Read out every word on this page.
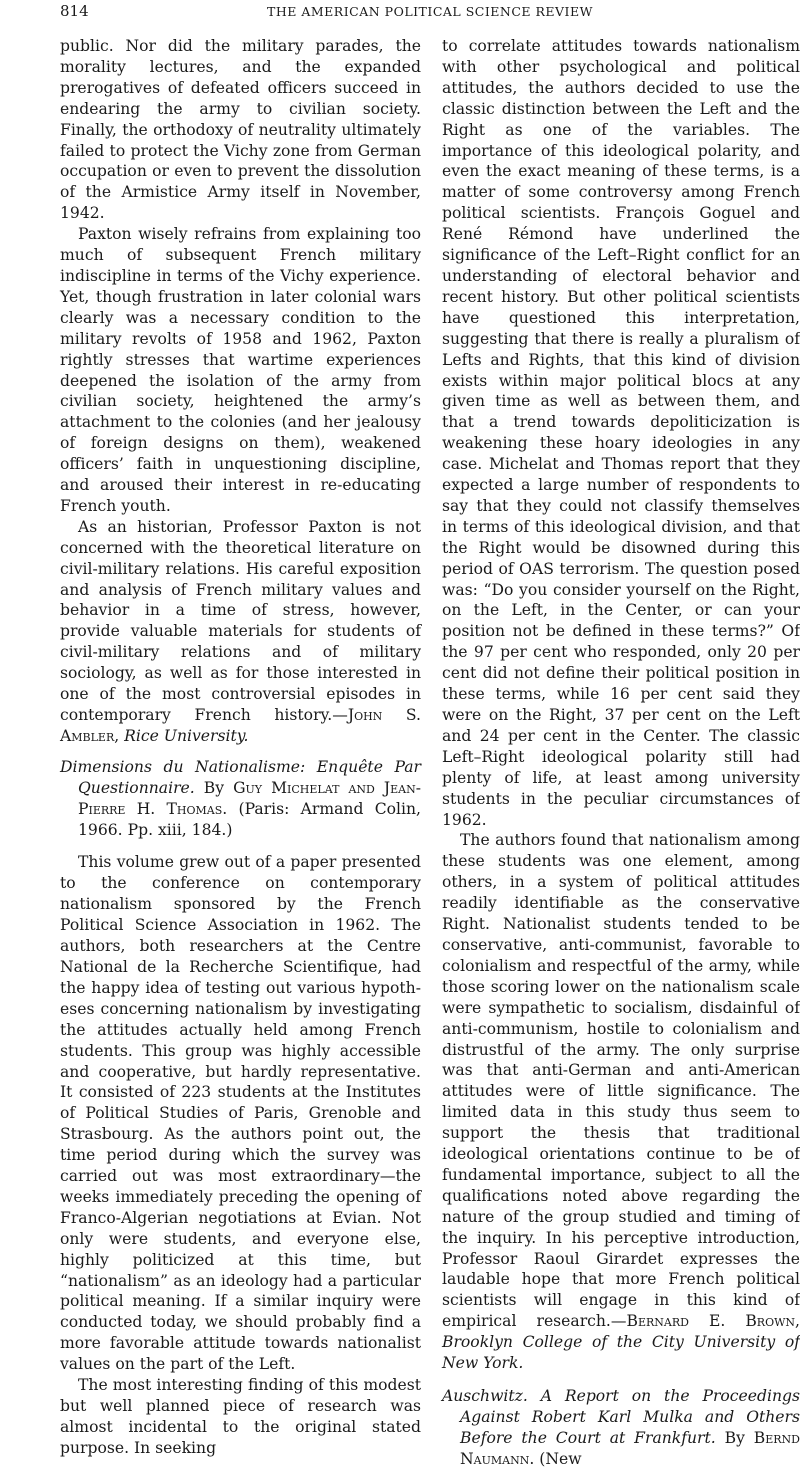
814	THE AMERICAN POLITICAL SCIENCE REVIEW

public. Nor did the military parades, the morality lectures, and the expanded prerogatives of defeated officers succeed in endearing the army to civilian society. Finally, the orthodoxy of neutrality ultimately failed to protect the Vichy zone from German occupation or even to prevent the dissolution of the Armistice Army itself in November, 1942.

Paxton wisely refrains from explaining too much of subsequent French military indiscipline in terms of the Vichy experience. Yet, though frustration in later colonial wars clearly was a necessary condition to the military revolts of 1958 and 1962, Paxton rightly stresses that wartime experiences deepened the isolation of the army from civilian society, heightened the army’s attachment to the colonies (and her jealousy of foreign designs on them), weakened officers’ faith in unquestioning discipline, and aroused their interest in re-educating French youth.

As an historian, Professor Paxton is not concerned with the theoretical literature on civil-military relations. His careful exposition and analysis of French military values and behavior in a time of stress, however, provide valuable materials for students of civil-military relations and of military sociology, as well as for those interested in one of the most controversial episodes in contemporary French history.—John S. Ambler, Rice University.

Dimensions du Nationalisme: Enquête Par Questionnaire. By Guy Michelat and Jean-Pierre H. Thomas. (Paris: Armand Colin, 1966. Pp. xiii, 184.)

This volume grew out of a paper presented to the conference on contemporary nationalism sponsored by the French Political Science Association in 1962. The authors, both researchers at the Centre National de la Recherche Scientifique, had the happy idea of testing out various hypotheses concerning nationalism by investigating the attitudes actually held among French students. This group was highly accessible and cooperative, but hardly representative. It consisted of 223 students at the Institutes of Political Studies of Paris, Grenoble and Strasbourg. As the authors point out, the time period during which the survey was carried out was most extraordinary—the weeks immediately preceding the opening of Franco-Algerian negotiations at Evian. Not only were students, and everyone else, highly politicized at this time, but “nationalism” as an ideology had a particular political meaning. If a similar inquiry were conducted today, we should probably find a more favorable attitude towards nationalist values on the part of the Left.

The most interesting finding of this modest but well planned piece of research was almost incidental to the original stated purpose. In seeking

to correlate attitudes towards nationalism with other psychological and political attitudes, the authors decided to use the classic distinction between the Left and the Right as one of the variables. The importance of this ideological polarity, and even the exact meaning of these terms, is a matter of some controversy among French political scientists. François Goguel and René Rémond have underlined the significance of the Left–Right conflict for an understanding of electoral behavior and recent history. But other political scientists have questioned this interpretation, suggesting that there is really a pluralism of Lefts and Rights, that this kind of division exists within major political blocs at any given time as well as between them, and that a trend towards depoliticization is weakening these hoary ideologies in any case. Michelat and Thomas report that they expected a large number of respondents to say that they could not classify themselves in terms of this ideological division, and that the Right would be disowned during this period of OAS terrorism. The question posed was: “Do you consider yourself on the Right, on the Left, in the Center, or can your position not be defined in these terms?” Of the 97 per cent who responded, only 20 per cent did not define their political position in these terms, while 16 per cent said they were on the Right, 37 per cent on the Left and 24 per cent in the Center. The classic Left–Right ideological polarity still had plenty of life, at least among university students in the peculiar circumstances of 1962.

The authors found that nationalism among these students was one element, among others, in a system of political attitudes readily identifiable as the conservative Right. Nationalist students tended to be conservative, anti-communist, favorable to colonialism and respectful of the army, while those scoring lower on the nationalism scale were sympathetic to socialism, disdainful of anti-communism, hostile to colonialism and distrustful of the army. The only surprise was that anti-German and anti-American attitudes were of little significance. The limited data in this study thus seem to support the thesis that traditional ideological orientations continue to be of fundamental importance, subject to all the qualifications noted above regarding the nature of the group studied and timing of the inquiry. In his perceptive introduction, Professor Raoul Girardet expresses the laudable hope that more French political scientists will engage in this kind of empirical research.—Bernard E. Brown, Brooklyn College of the City University of New York.

Auschwitz. A Report on the Proceedings Against Robert Karl Mulka and Others Before the Court at Frankfurt. By Bernd Naumann. (New
